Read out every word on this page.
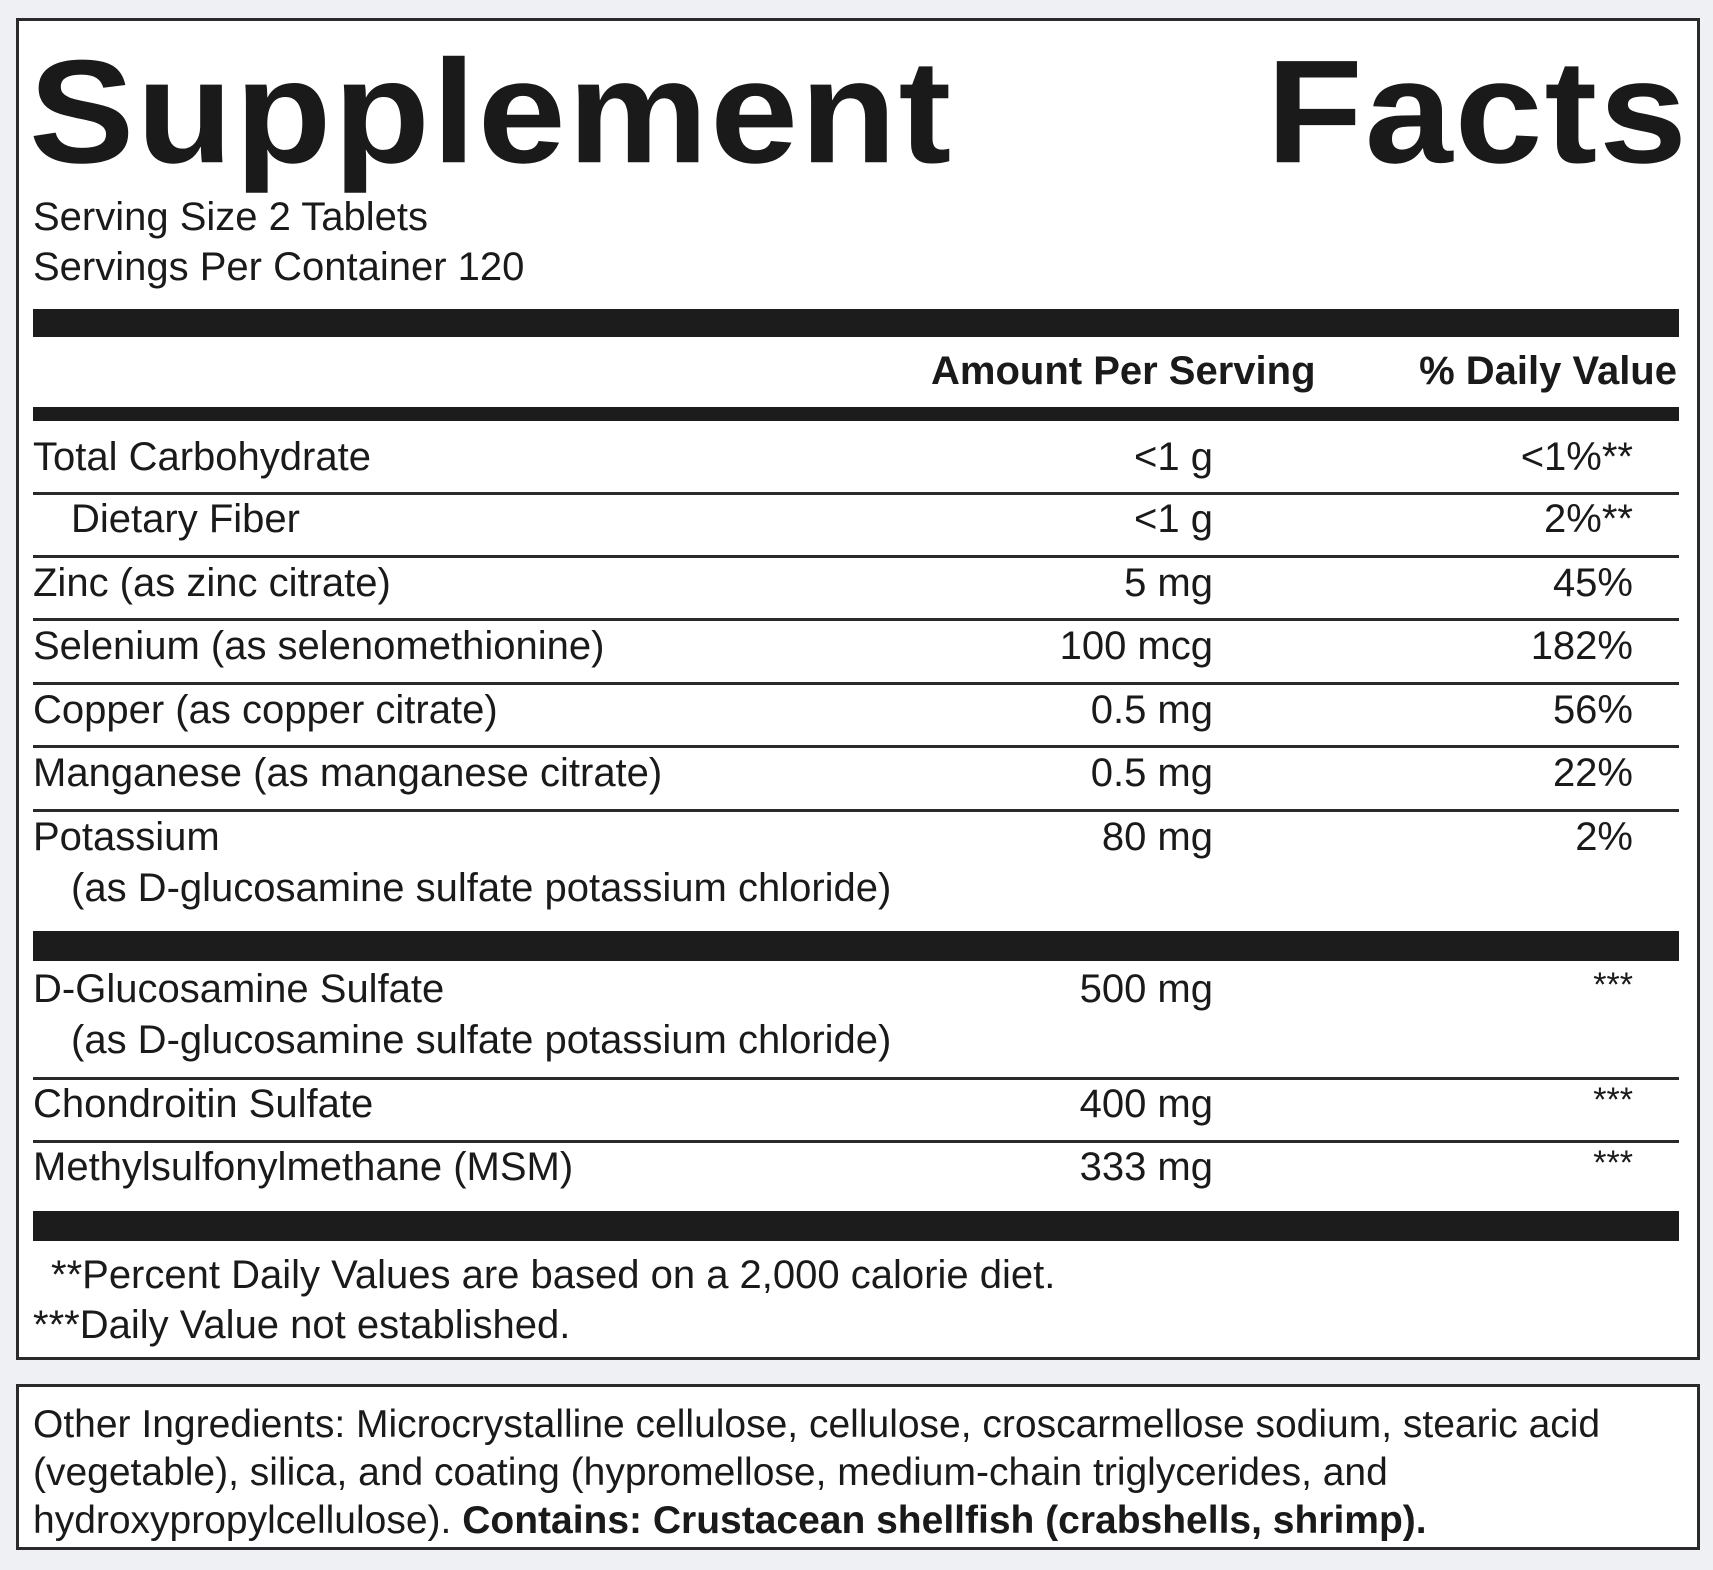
Supplement Facts
Serving Size 2 Tablets
Servings Per Container 120
Amount Per Serving	% Daily Value
Total Carbohydrate	<1 g	<1%**
Dietary Fiber	<1 g	2%**
Zinc (as zinc citrate)	5 mg	45%
Selenium (as selenomethionine)	100 mcg	182%
Copper (as copper citrate)	0.5 mg	56%
Manganese (as manganese citrate)	0.5 mg	22%
Potassium
(as D-glucosamine sulfate potassium chloride)
80 mg	2%
D-Glucosamine Sulfate
(as D-glucosamine sulfate potassium chloride)
500 mg	***
Chondroitin Sulfate	400 mg	***
Methylsulfonylmethane (MSM)	333 mg	***
**Percent Daily Values are based on a 2,000 calorie diet.
***Daily Value not established.
Other Ingredients: Microcrystalline cellulose, cellulose, croscarmellose sodium, stearic acid (vegetable), silica, and coating (hypromellose, medium-chain triglycerides, and hydroxypropylcellulose). Contains: Crustacean shellfish (crabshells, shrimp).
